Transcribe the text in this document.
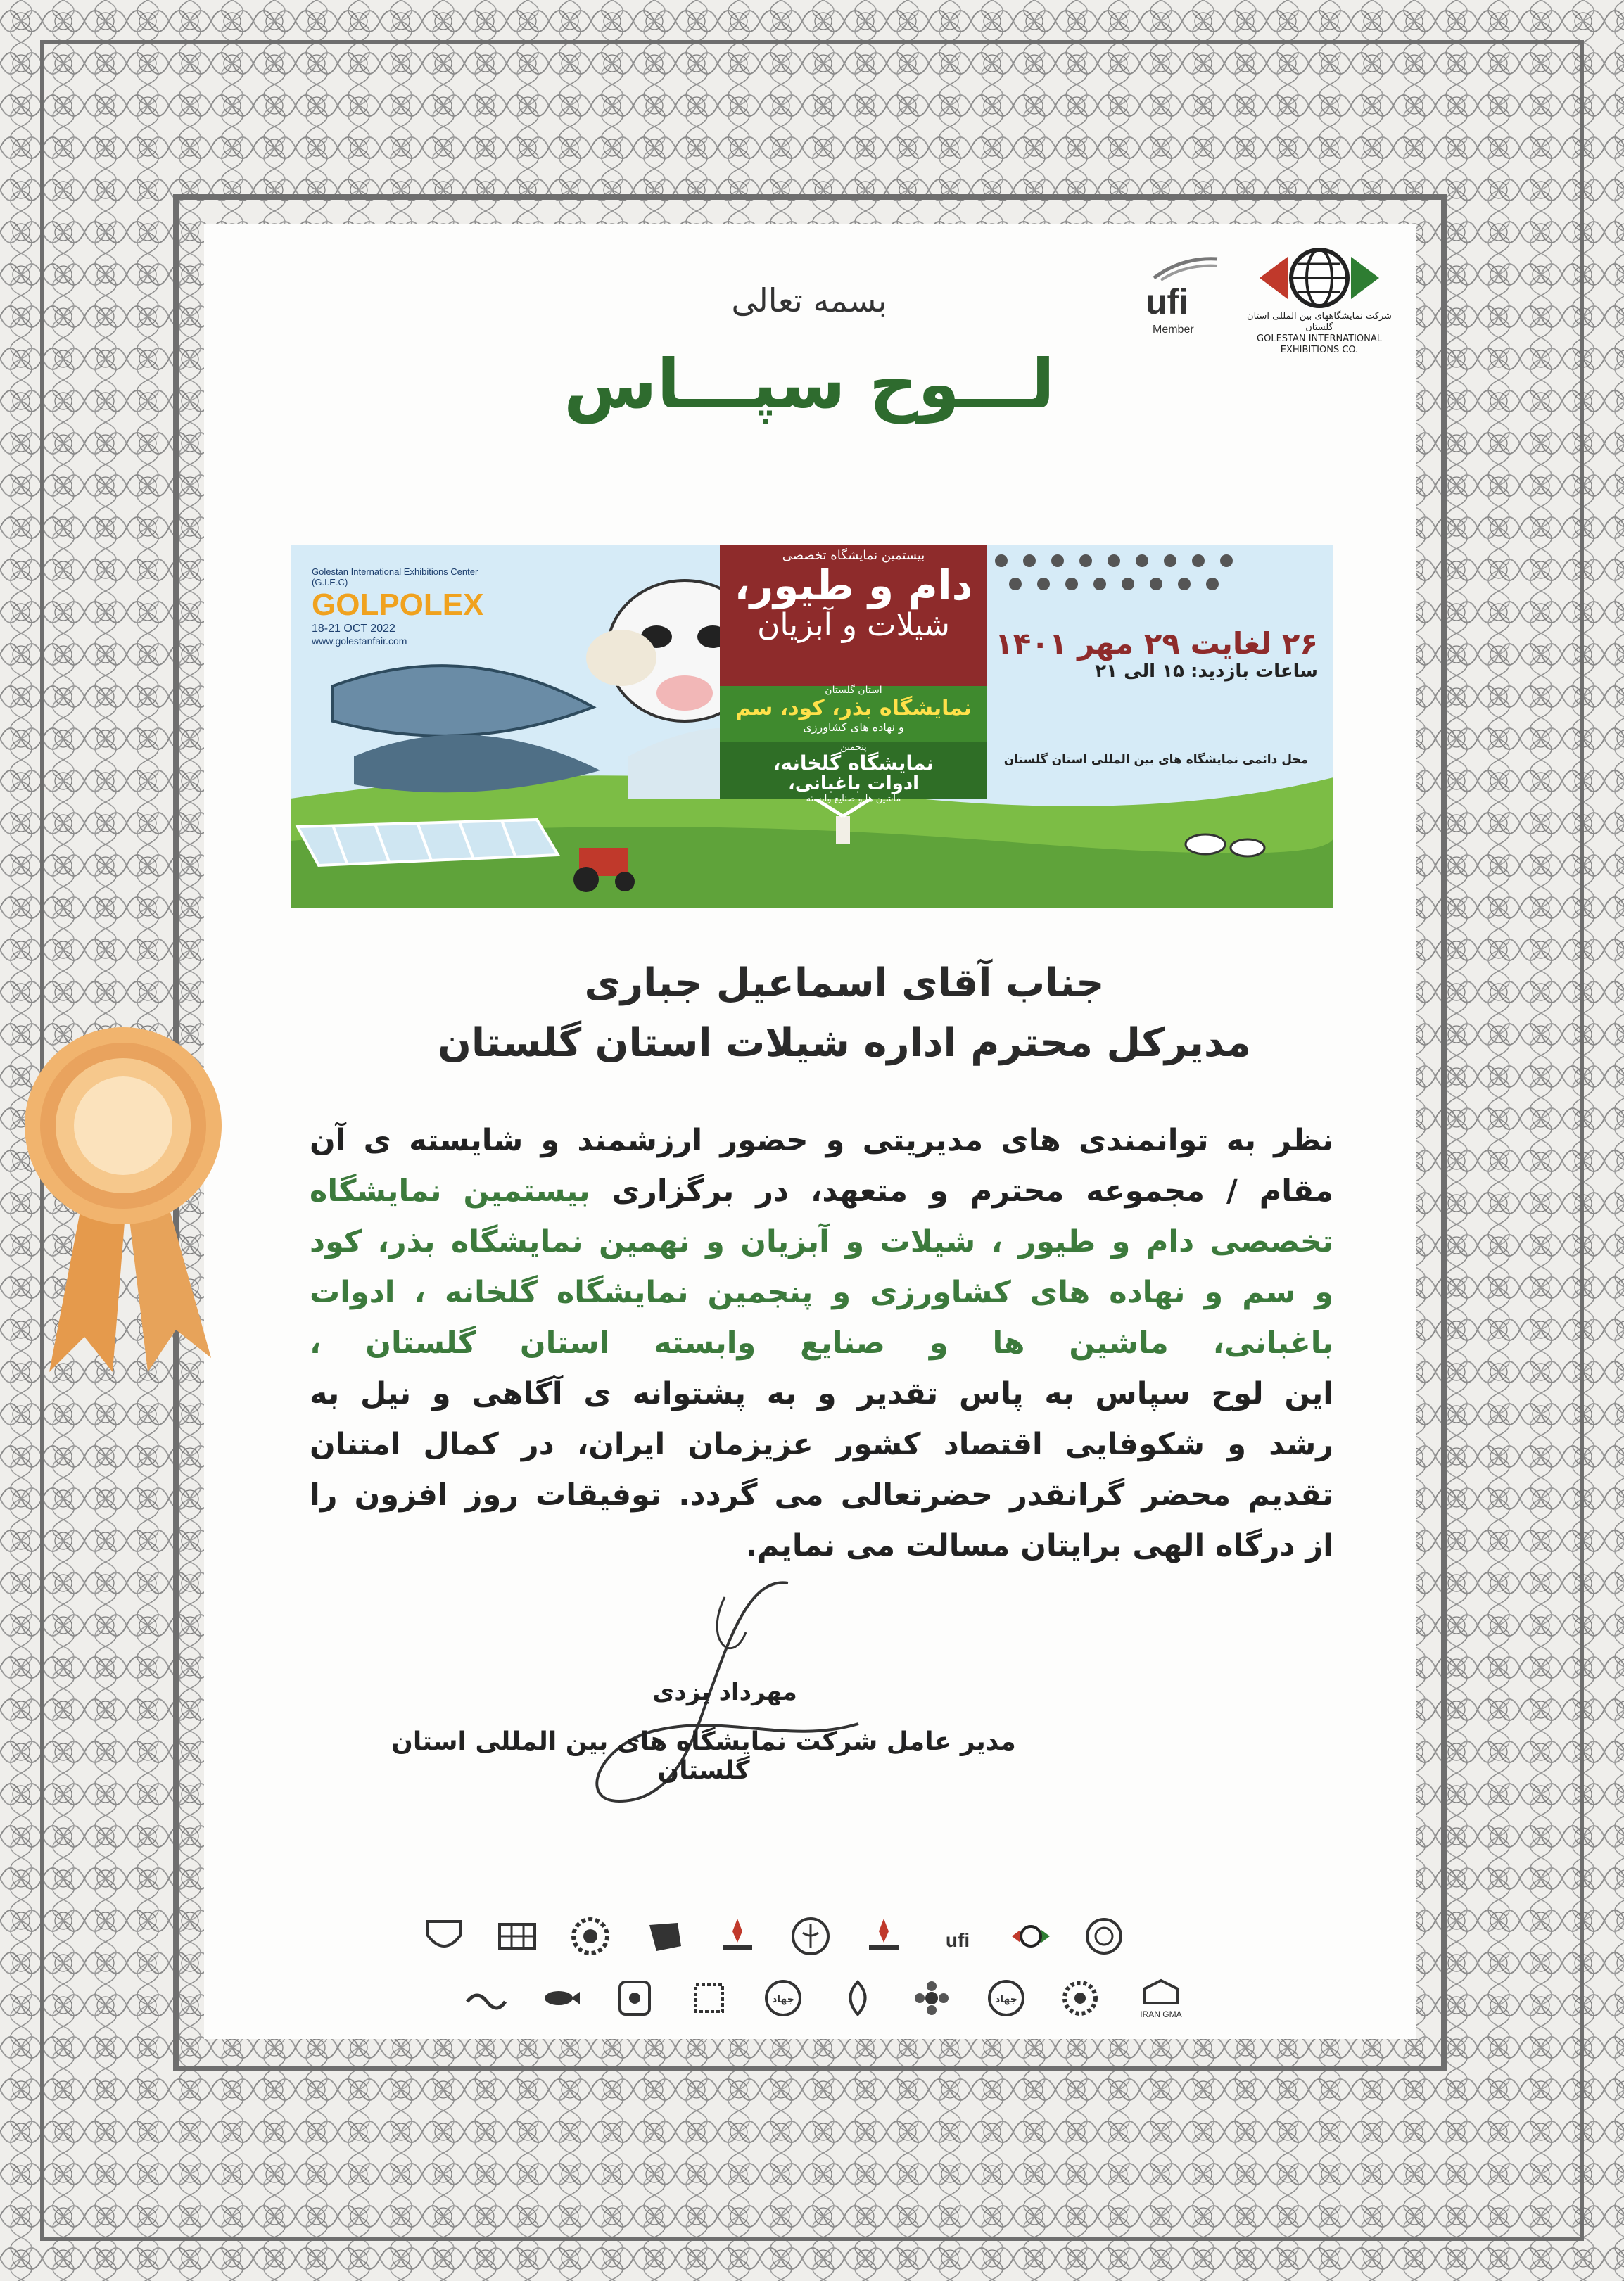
بسمه تعالی
لـــوح سپـــاس
شرکت نمایشگاههای بین المللی استان گلستان
GOLESTAN INTERNATIONAL EXHIBITIONS CO.
ufi
Member
Golestan International Exhibitions Center (G.I.E.C)
GOLPOLEX
18-21 OCT 2022
www.golestanfair.com
بیستمین نمایشگاه تخصصی
دام و طیور،
شیلات و آبزیان
استان گلستان
نمایشگاه بذر، کود، سم
و نهاده های کشاورزی
پنجمین
نمایشگاه گلخانه،
ادوات باغبانی،
ماشین ها و صنایع وابسته
۲۶ لغایت ۲۹ مهر ۱۴۰۱
ساعات بازدید: ۱۵ الی ۲۱
محل دائمی نمایشگاه های بین المللی استان گلستان
جناب آقای اسماعیل جباری
مدیرکل محترم اداره شیلات استان گلستان
نظر به توانمندی های مدیریتی و حضور ارزشمند و شایسته ی آن
مقام / مجموعه محترم و متعهد، در برگزاری بیستمین نمایشگاه
تخصصی دام و طیور ، شیلات و آبزیان و نهمین نمایشگاه بذر، کود
و سم و نهاده های کشاورزی و پنجمین نمایشگاه گلخانه ، ادوات
باغبانی، ماشین ها و صنایع وابسته استان گلستان ،
این لوح سپاس به پاس تقدیر و به پشتوانه ی آگاهی و نیل به
رشد و شکوفایی اقتصاد کشور عزیزمان ایران، در کمال امتنان
تقدیم محضر گرانقدر حضرتعالی می گردد. توفیقات روز افزون را
از درگاه الهی برایتان مسالت می نمایم.
مهرداد یزدی
مدیر عامل شرکت نمایشگاه های بین المللی استان گلستان
ufi
جهاد	جهاد
IRAN GMA
